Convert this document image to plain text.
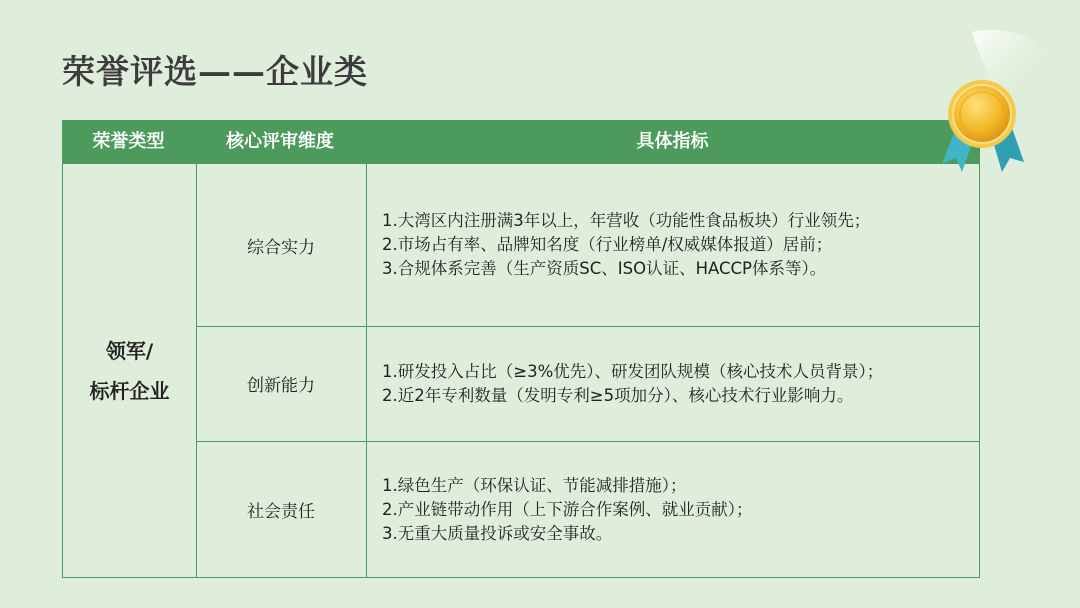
荣誉评选——企业类
荣誉类型	核心评审维度	具体指标
领军/
标杆企业
综合实力
1.大湾区内注册满3年以上，年营收（功能性食品板块）行业领先；
2.市场占有率、品牌知名度（行业榜单/权威媒体报道）居前；
3.合规体系完善（生产资质SC、ISO认证、HACCP体系等）。
创新能力
1.研发投入占比（≥3%优先）、研发团队规模（核心技术人员背景）；
2.近2年专利数量（发明专利≥5项加分）、核心技术行业影响力。
社会责任
1.绿色生产（环保认证、节能减排措施）；
2.产业链带动作用（上下游合作案例、就业贡献）；
3.无重大质量投诉或安全事故。
